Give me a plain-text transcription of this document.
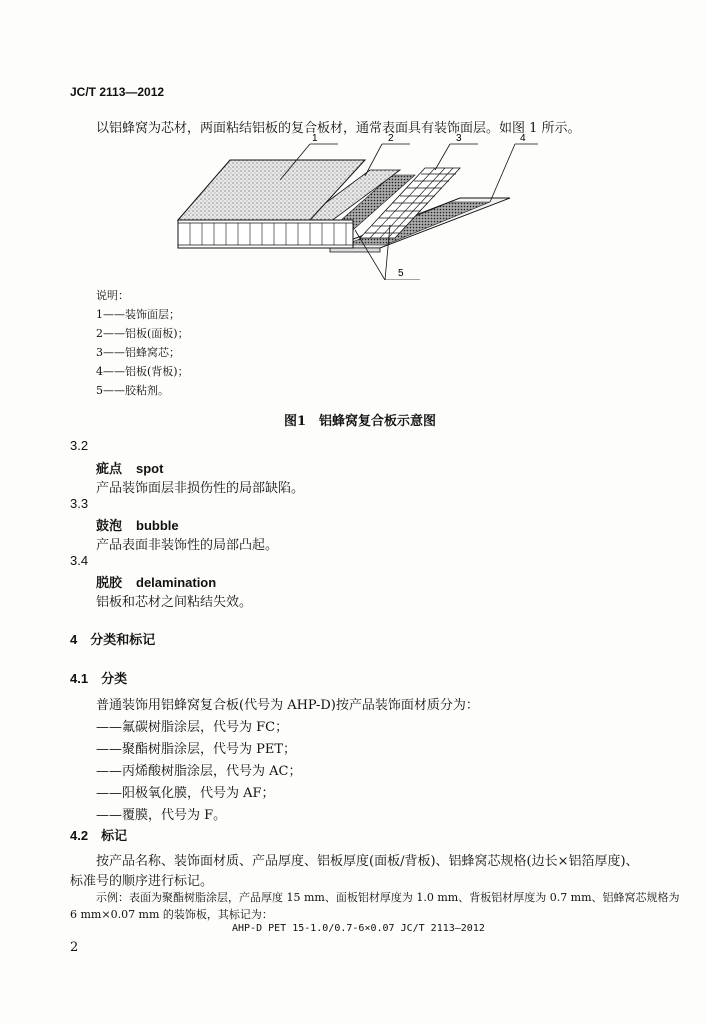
JC/T 2113—2012
以铝蜂窝为芯材，两面粘结铝板的复合板材，通常表面具有装饰面层。如图 1 所示。
1	2	3	4
5
说明：
1——装饰面层；
2——铝板(面板)；
3——铝蜂窝芯；
4——铝板(背板)；
5——胶粘剂。
图1　铝蜂窝复合板示意图
3.2
疵点 spot
产品装饰面层非损伤性的局部缺陷。
3.3
鼓泡 bubble
产品表面非装饰性的局部凸起。
3.4
脱胶 delamination
铝板和芯材之间粘结失效。
4　分类和标记
4.1　分类
普通装饰用铝蜂窝复合板(代号为 AHP-D)按产品装饰面材质分为：
——氟碳树脂涂层，代号为 FC；
——聚酯树脂涂层，代号为 PET；
——丙烯酸树脂涂层，代号为 AC；
——阳极氧化膜，代号为 AF；
——覆膜，代号为 F。
4.2　标记
按产品名称、装饰面材质、产品厚度、铝板厚度(面板/背板)、铝蜂窝芯规格(边长×铝箔厚度)、
标准号的顺序进行标记。
示例：表面为聚酯树脂涂层，产品厚度 15 mm、面板铝材厚度为 1.0 mm、背板铝材厚度为 0.7 mm、铝蜂窝芯规格为
6 mm×0.07 mm 的装饰板，其标记为：
AHP-D PET 15-1.0/0.7-6×0.07 JC/T 2113—2012
2
